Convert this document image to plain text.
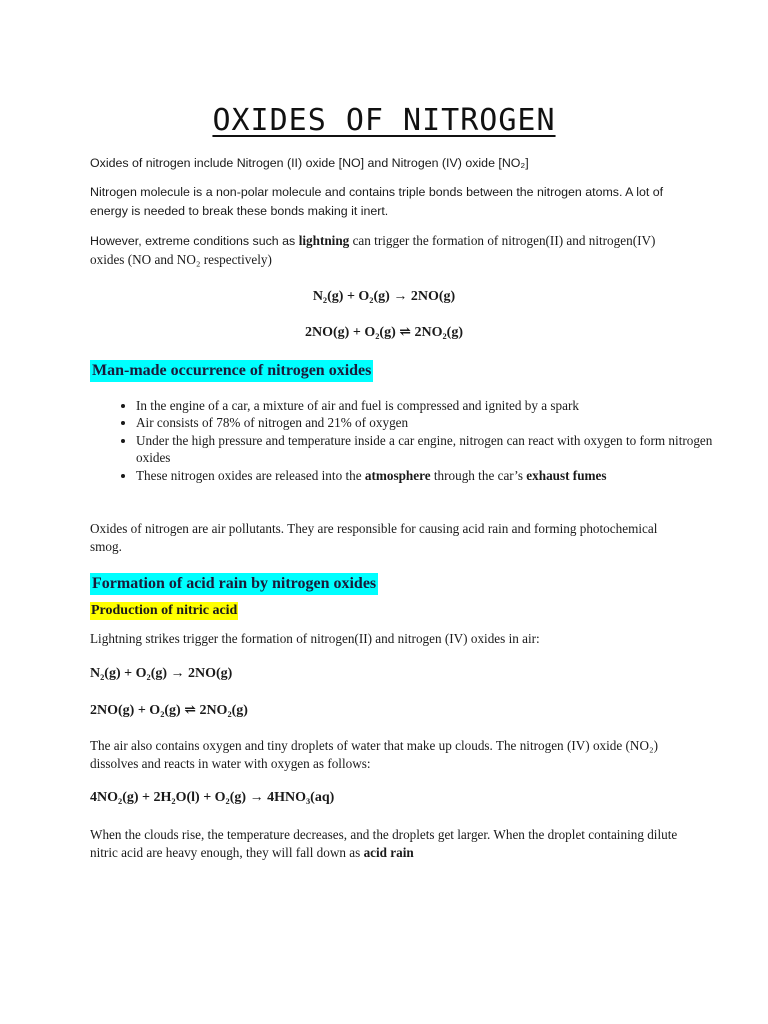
OXIDES OF NITROGEN
Oxides of nitrogen include Nitrogen (II) oxide [NO] and Nitrogen (IV) oxide [NO₂]
Nitrogen molecule is a non-polar molecule and contains triple bonds between the nitrogen atoms. A lot of energy is needed to break these bonds making it inert.
However, extreme conditions such as lightning can trigger the formation of nitrogen(II) and nitrogen(IV) oxides (NO and NO₂ respectively)
N₂(g) + O₂(g) → 2NO(g)
2NO(g) + O₂(g) ⇌ 2NO₂(g)
Man-made occurrence of nitrogen oxides
• In the engine of a car, a mixture of air and fuel is compressed and ignited by a spark
• Air consists of 78% of nitrogen and 21% of oxygen
• Under the high pressure and temperature inside a car engine, nitrogen can react with oxygen to form nitrogen oxides
• These nitrogen oxides are released into the atmosphere through the car’s exhaust fumes
Oxides of nitrogen are air pollutants. They are responsible for causing acid rain and forming photochemical smog.
Formation of acid rain by nitrogen oxides
Production of nitric acid
Lightning strikes trigger the formation of nitrogen(II) and nitrogen (IV) oxides in air:
N₂(g) + O₂(g) → 2NO(g)
2NO(g) + O₂(g) ⇌ 2NO₂(g)
The air also contains oxygen and tiny droplets of water that make up clouds. The nitrogen (IV) oxide (NO₂) dissolves and reacts in water with oxygen as follows:
4NO₂(g) + 2H₂O(l) + O₂(g) → 4HNO₃(aq)
When the clouds rise, the temperature decreases, and the droplets get larger. When the droplet containing dilute nitric acid are heavy enough, they will fall down as acid rain
